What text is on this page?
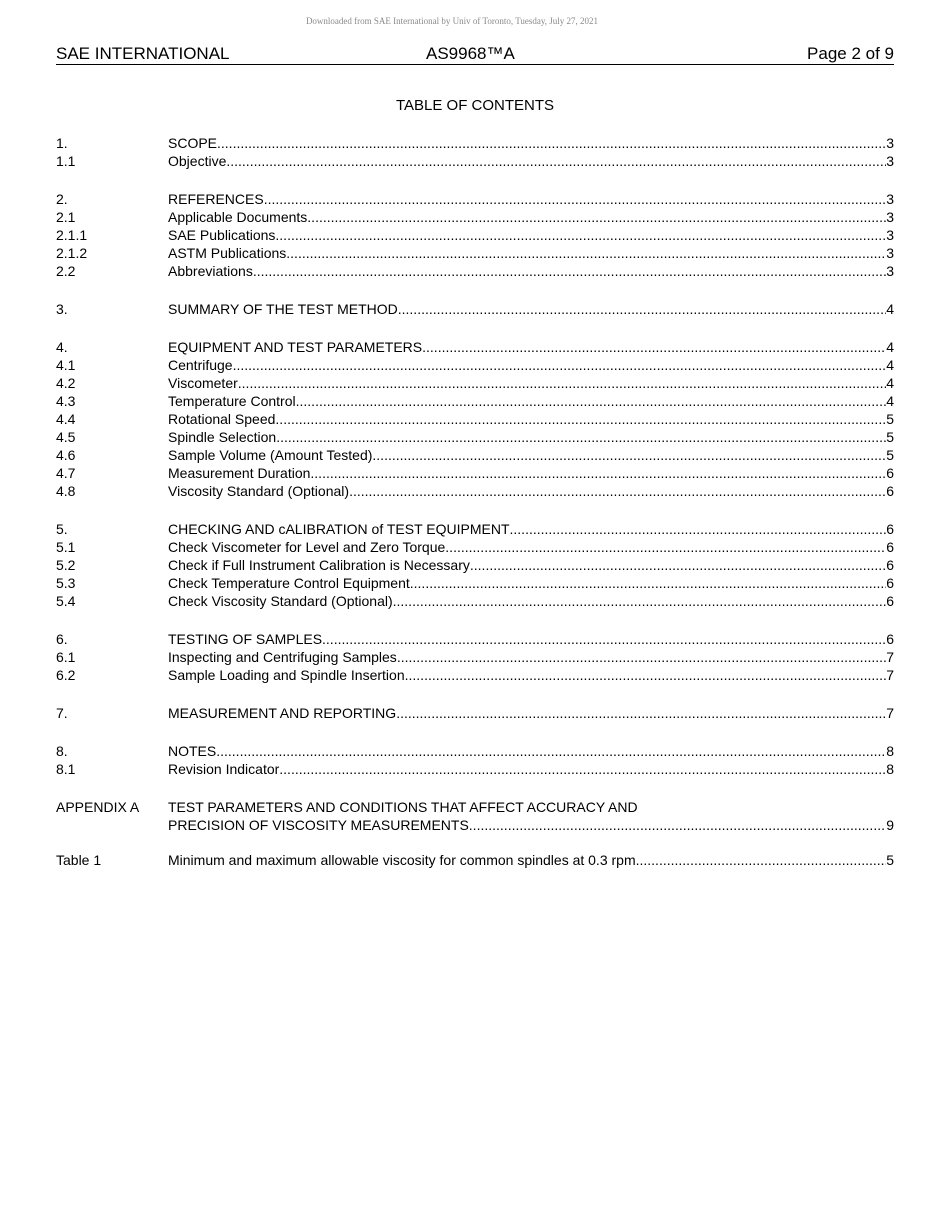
Downloaded from SAE International by Univ of Toronto, Tuesday, July 27, 2021
SAE INTERNATIONAL	AS9968™A	Page 2 of 9
TABLE OF CONTENTS
1.	SCOPE .....	3
1.1	Objective .....	3
2.	REFERENCES .....	3
2.1	Applicable Documents .....	3
2.1.1	SAE Publications .....	3
2.1.2	ASTM Publications .....	3
2.2	Abbreviations .....	3
3.	SUMMARY OF THE TEST METHOD .....	4
4.	EQUIPMENT AND TEST PARAMETERS .....	4
4.1	Centrifuge .....	4
4.2	Viscometer .....	4
4.3	Temperature Control .....	4
4.4	Rotational Speed .....	5
4.5	Spindle Selection .....	5
4.6	Sample Volume (Amount Tested) .....	5
4.7	Measurement Duration .....	6
4.8	Viscosity Standard (Optional) .....	6
5.	CHECKING AND cALIBRATION of TEST EQUIPMENT .....	6
5.1	Check Viscometer for Level and Zero Torque .....	6
5.2	Check if Full Instrument Calibration is Necessary .....	6
5.3	Check Temperature Control Equipment .....	6
5.4	Check Viscosity Standard (Optional) .....	6
6.	TESTING OF SAMPLES .....	6
6.1	Inspecting and Centrifuging Samples .....	7
6.2	Sample Loading and Spindle Insertion .....	7
7.	MEASUREMENT AND REPORTING .....	7
8.	NOTES .....	8
8.1	Revision Indicator .....	8
APPENDIX A TEST PARAMETERS AND CONDITIONS THAT AFFECT ACCURACY AND
PRECISION OF VISCOSITY MEASUREMENTS .....	9
Table 1	Minimum and maximum allowable viscosity for common spindles at 0.3 rpm .....	5
